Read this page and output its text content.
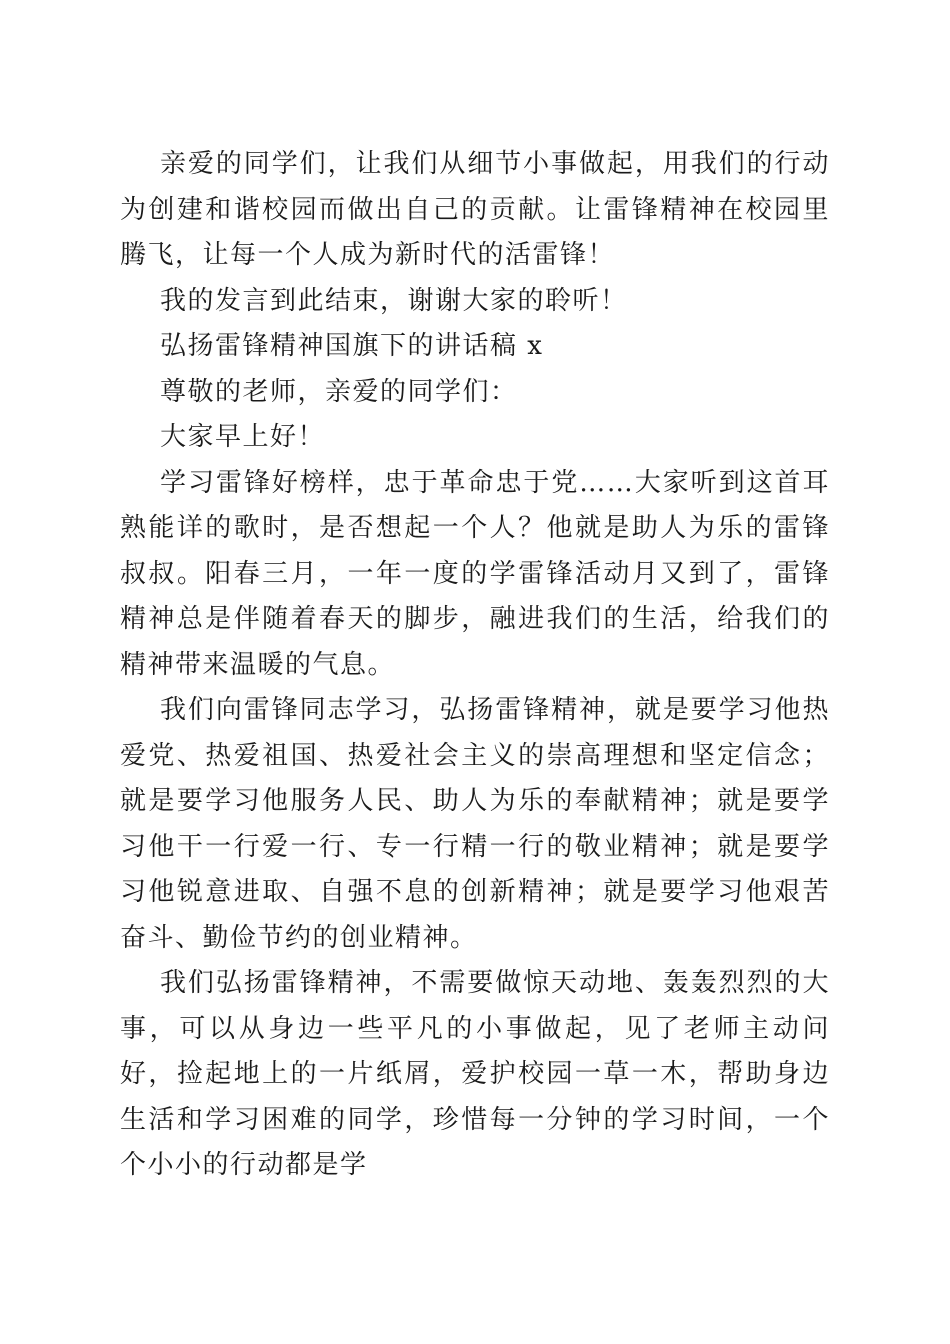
亲爱的同学们，让我们从细节小事做起，用我们的行动为创建和谐校园而做出自己的贡献。让雷锋精神在校园里腾飞，让每一个人成为新时代的活雷锋！

我的发言到此结束，谢谢大家的聆听！

弘扬雷锋精神国旗下的讲话稿 x

尊敬的老师，亲爱的同学们：

大家早上好！

学习雷锋好榜样，忠于革命忠于党……大家听到这首耳熟能详的歌时，是否想起一个人？他就是助人为乐的雷锋叔叔。阳春三月，一年一度的学雷锋活动月又到了，雷锋精神总是伴随着春天的脚步，融进我们的生活，给我们的精神带来温暖的气息。

我们向雷锋同志学习，弘扬雷锋精神，就是要学习他热爱党、热爱祖国、热爱社会主义的崇高理想和坚定信念；就是要学习他服务人民、助人为乐的奉献精神；就是要学习他干一行爱一行、专一行精一行的敬业精神；就是要学习他锐意进取、自强不息的创新精神；就是要学习他艰苦奋斗、勤俭节约的创业精神。

我们弘扬雷锋精神，不需要做惊天动地、轰轰烈烈的大事，可以从身边一些平凡的小事做起，见了老师主动问好，捡起地上的一片纸屑，爱护校园一草一木，帮助身边生活和学习困难的同学，珍惜每一分钟的学习时间，一个个小小的行动都是学
